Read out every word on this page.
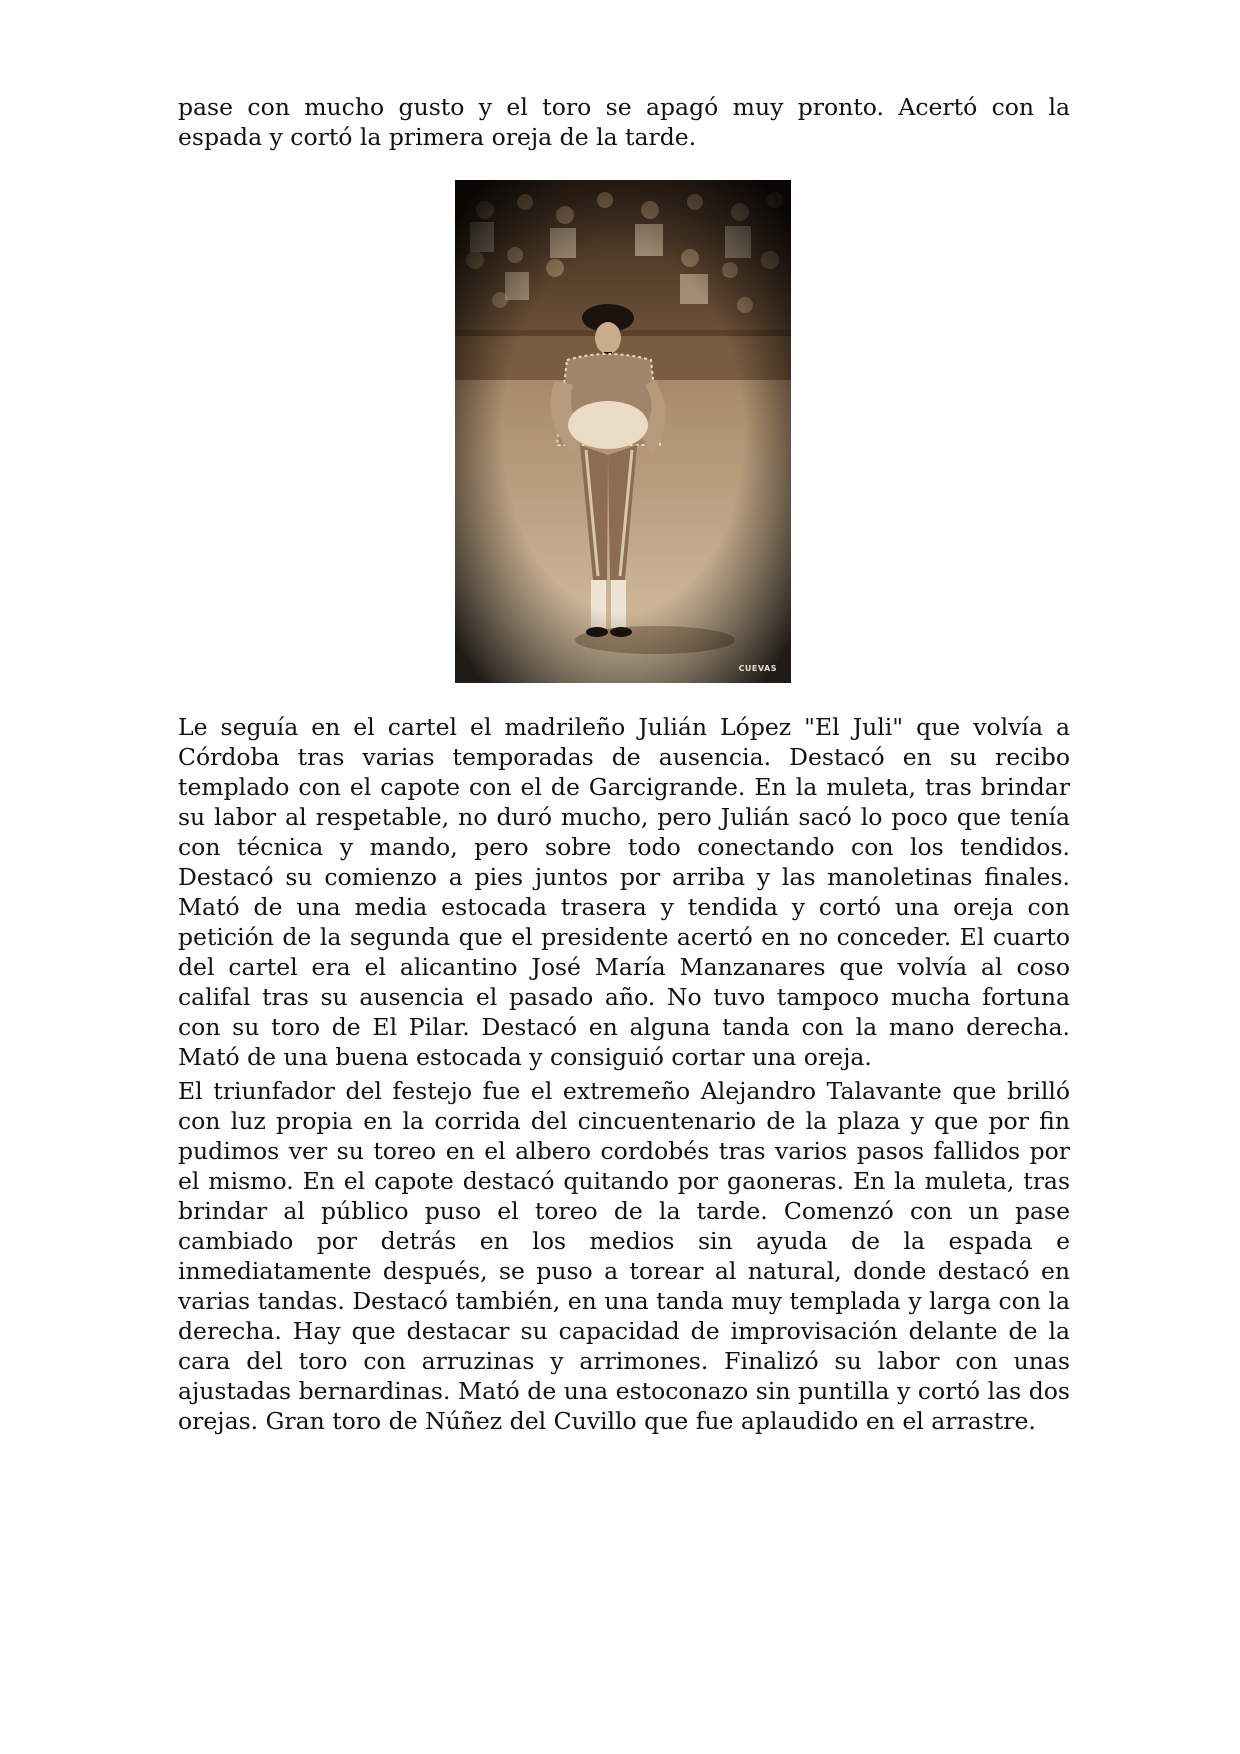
pase con mucho gusto y el toro se apagó muy pronto. Acertó con la espada y cortó la primera oreja de la tarde.

CUEVAS

Le seguía en el cartel el madrileño Julián López "El Juli" que volvía a Córdoba tras varias temporadas de ausencia. Destacó en su recibo templado con el capote con el de Garcigrande. En la muleta, tras brindar su labor al respetable, no duró mucho, pero Julián sacó lo poco que tenía con técnica y mando, pero sobre todo conectando con los tendidos. Destacó su comienzo a pies juntos por arriba y las manoletinas finales. Mató de una media estocada trasera y tendida y cortó una oreja con petición de la segunda que el presidente acertó en no conceder. El cuarto del cartel era el alicantino José María Manzanares que volvía al coso califal tras su ausencia el pasado año. No tuvo tampoco mucha fortuna con su toro de El Pilar. Destacó en alguna tanda con la mano derecha. Mató de una buena estocada y consiguió cortar una oreja.

El triunfador del festejo fue el extremeño Alejandro Talavante que brilló con luz propia en la corrida del cincuentenario de la plaza y que por fin pudimos ver su toreo en el albero cordobés tras varios pasos fallidos por el mismo. En el capote destacó quitando por gaoneras. En la muleta, tras brindar al público puso el toreo de la tarde. Comenzó con un pase cambiado por detrás en los medios sin ayuda de la espada e inmediatamente después, se puso a torear al natural, donde destacó en varias tandas. Destacó también, en una tanda muy templada y larga con la derecha. Hay que destacar su capacidad de improvisación delante de la cara del toro con arruzinas y arrimones. Finalizó su labor con unas ajustadas bernardinas. Mató de una estoconazo sin puntilla y cortó las dos orejas. Gran toro de Núñez del Cuvillo que fue aplaudido en el arrastre.
